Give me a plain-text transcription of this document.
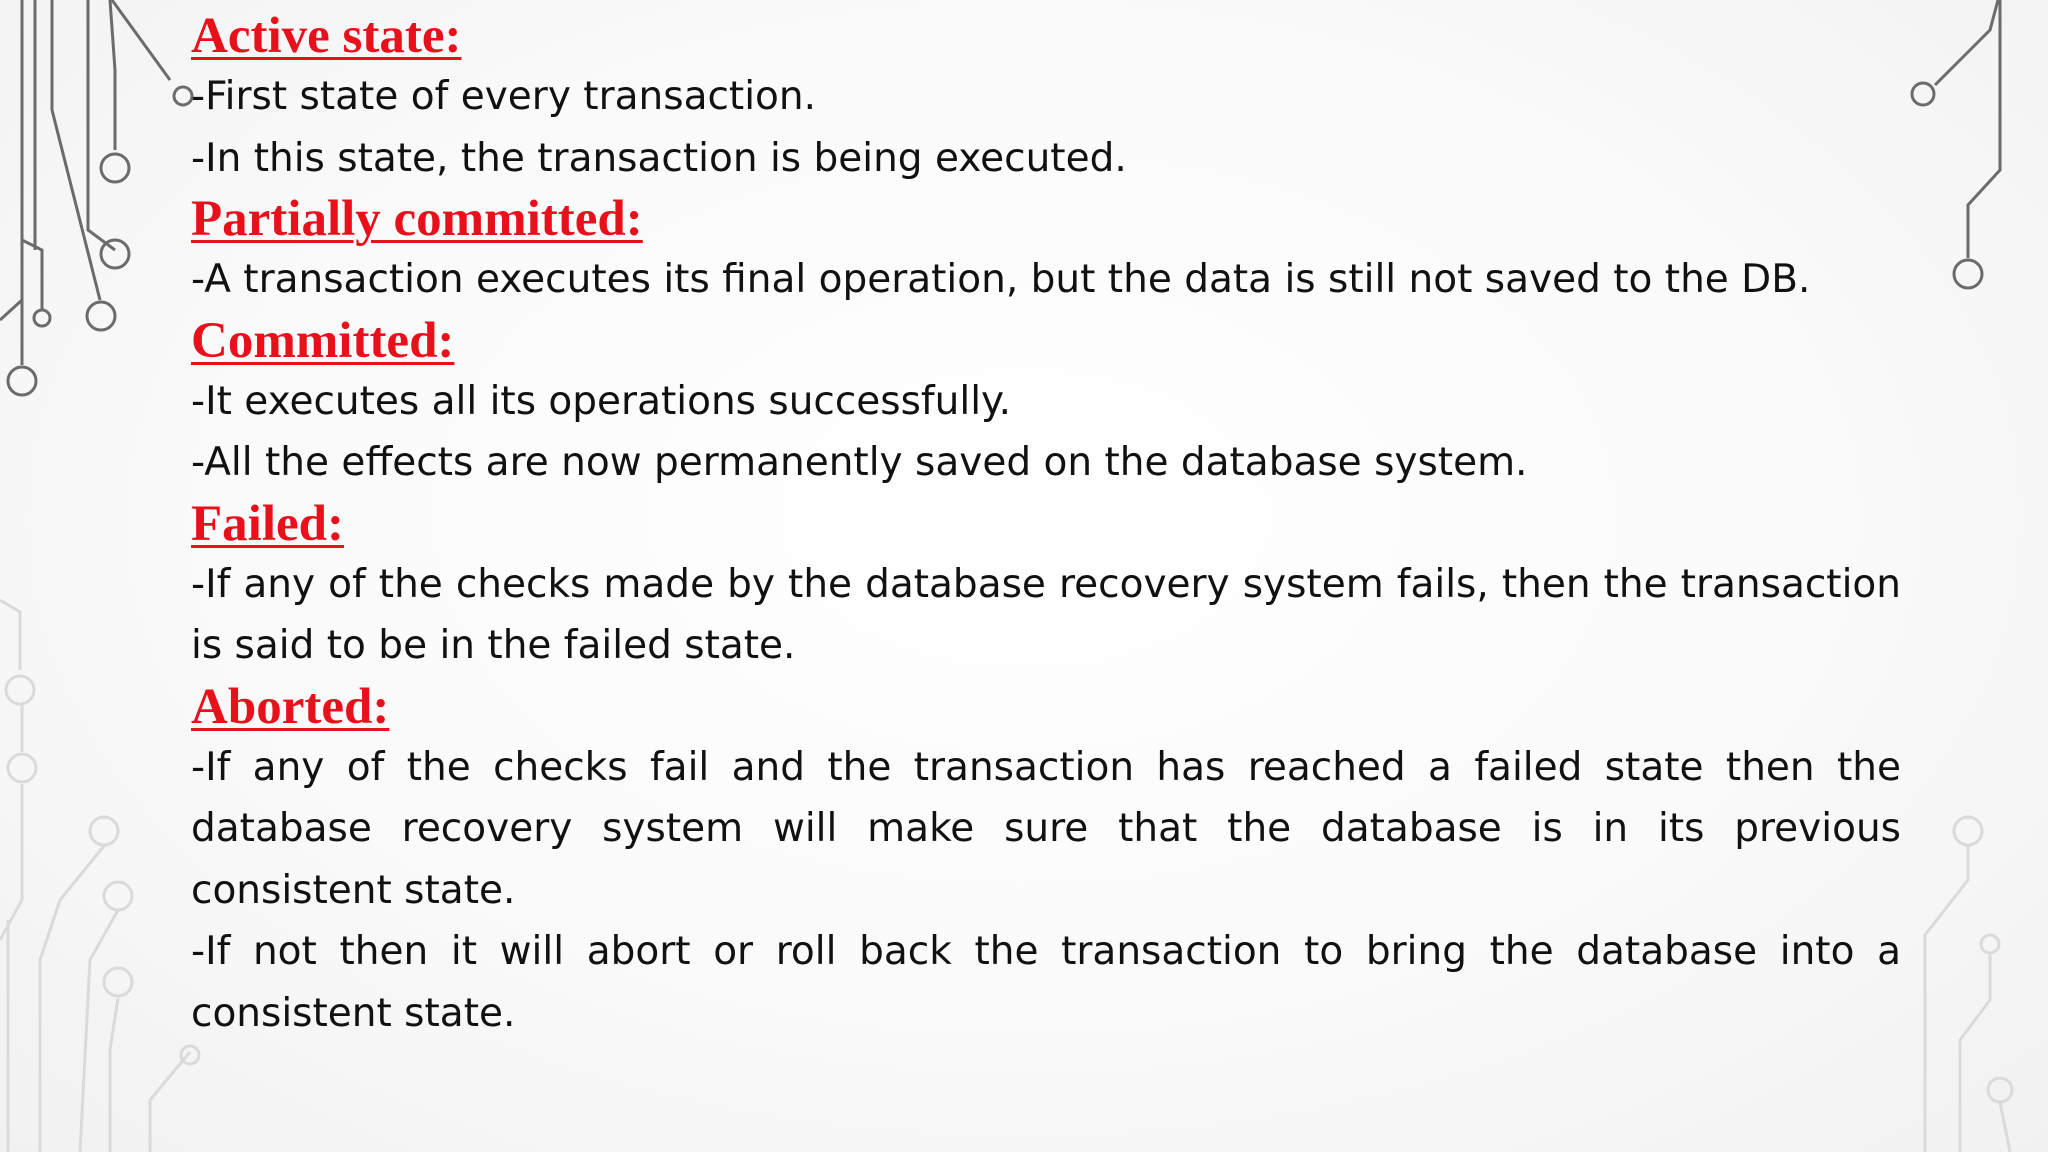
Active state:

-First state of every transaction.

-In this state, the transaction is being executed.

Partially committed:

-A transaction executes its final operation, but the data is still not saved to the DB.

Committed:

-It executes all its operations successfully.

-All the effects are now permanently saved on the database system.

Failed:

-If any of the checks made by the database recovery system fails, then the transaction is said to be in the failed state.

Aborted:

-If any of the checks fail and the transaction has reached a failed state then the database recovery system will make sure that the database is in its previous consistent state.

-If not then it will abort or roll back the transaction to bring the database into a consistent state.
